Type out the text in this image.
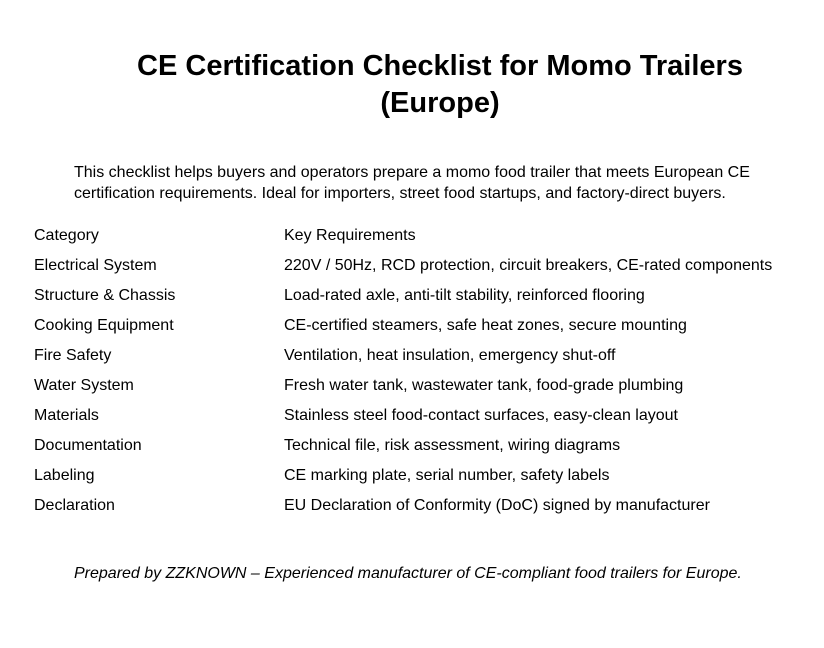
CE Certification Checklist for Momo Trailers
(Europe)
This checklist helps buyers and operators prepare a momo food trailer that meets European CE
certification requirements. Ideal for importers, street food startups, and factory-direct buyers.
Category	Key Requirements
Electrical System	220V / 50Hz, RCD protection, circuit breakers, CE-rated components
Structure & Chassis	Load-rated axle, anti-tilt stability, reinforced flooring
Cooking Equipment	CE-certified steamers, safe heat zones, secure mounting
Fire Safety	Ventilation, heat insulation, emergency shut-off
Water System	Fresh water tank, wastewater tank, food-grade plumbing
Materials	Stainless steel food-contact surfaces, easy-clean layout
Documentation	Technical file, risk assessment, wiring diagrams
Labeling	CE marking plate, serial number, safety labels
Declaration	EU Declaration of Conformity (DoC) signed by manufacturer
Prepared by ZZKNOWN – Experienced manufacturer of CE-compliant food trailers for Europe.
